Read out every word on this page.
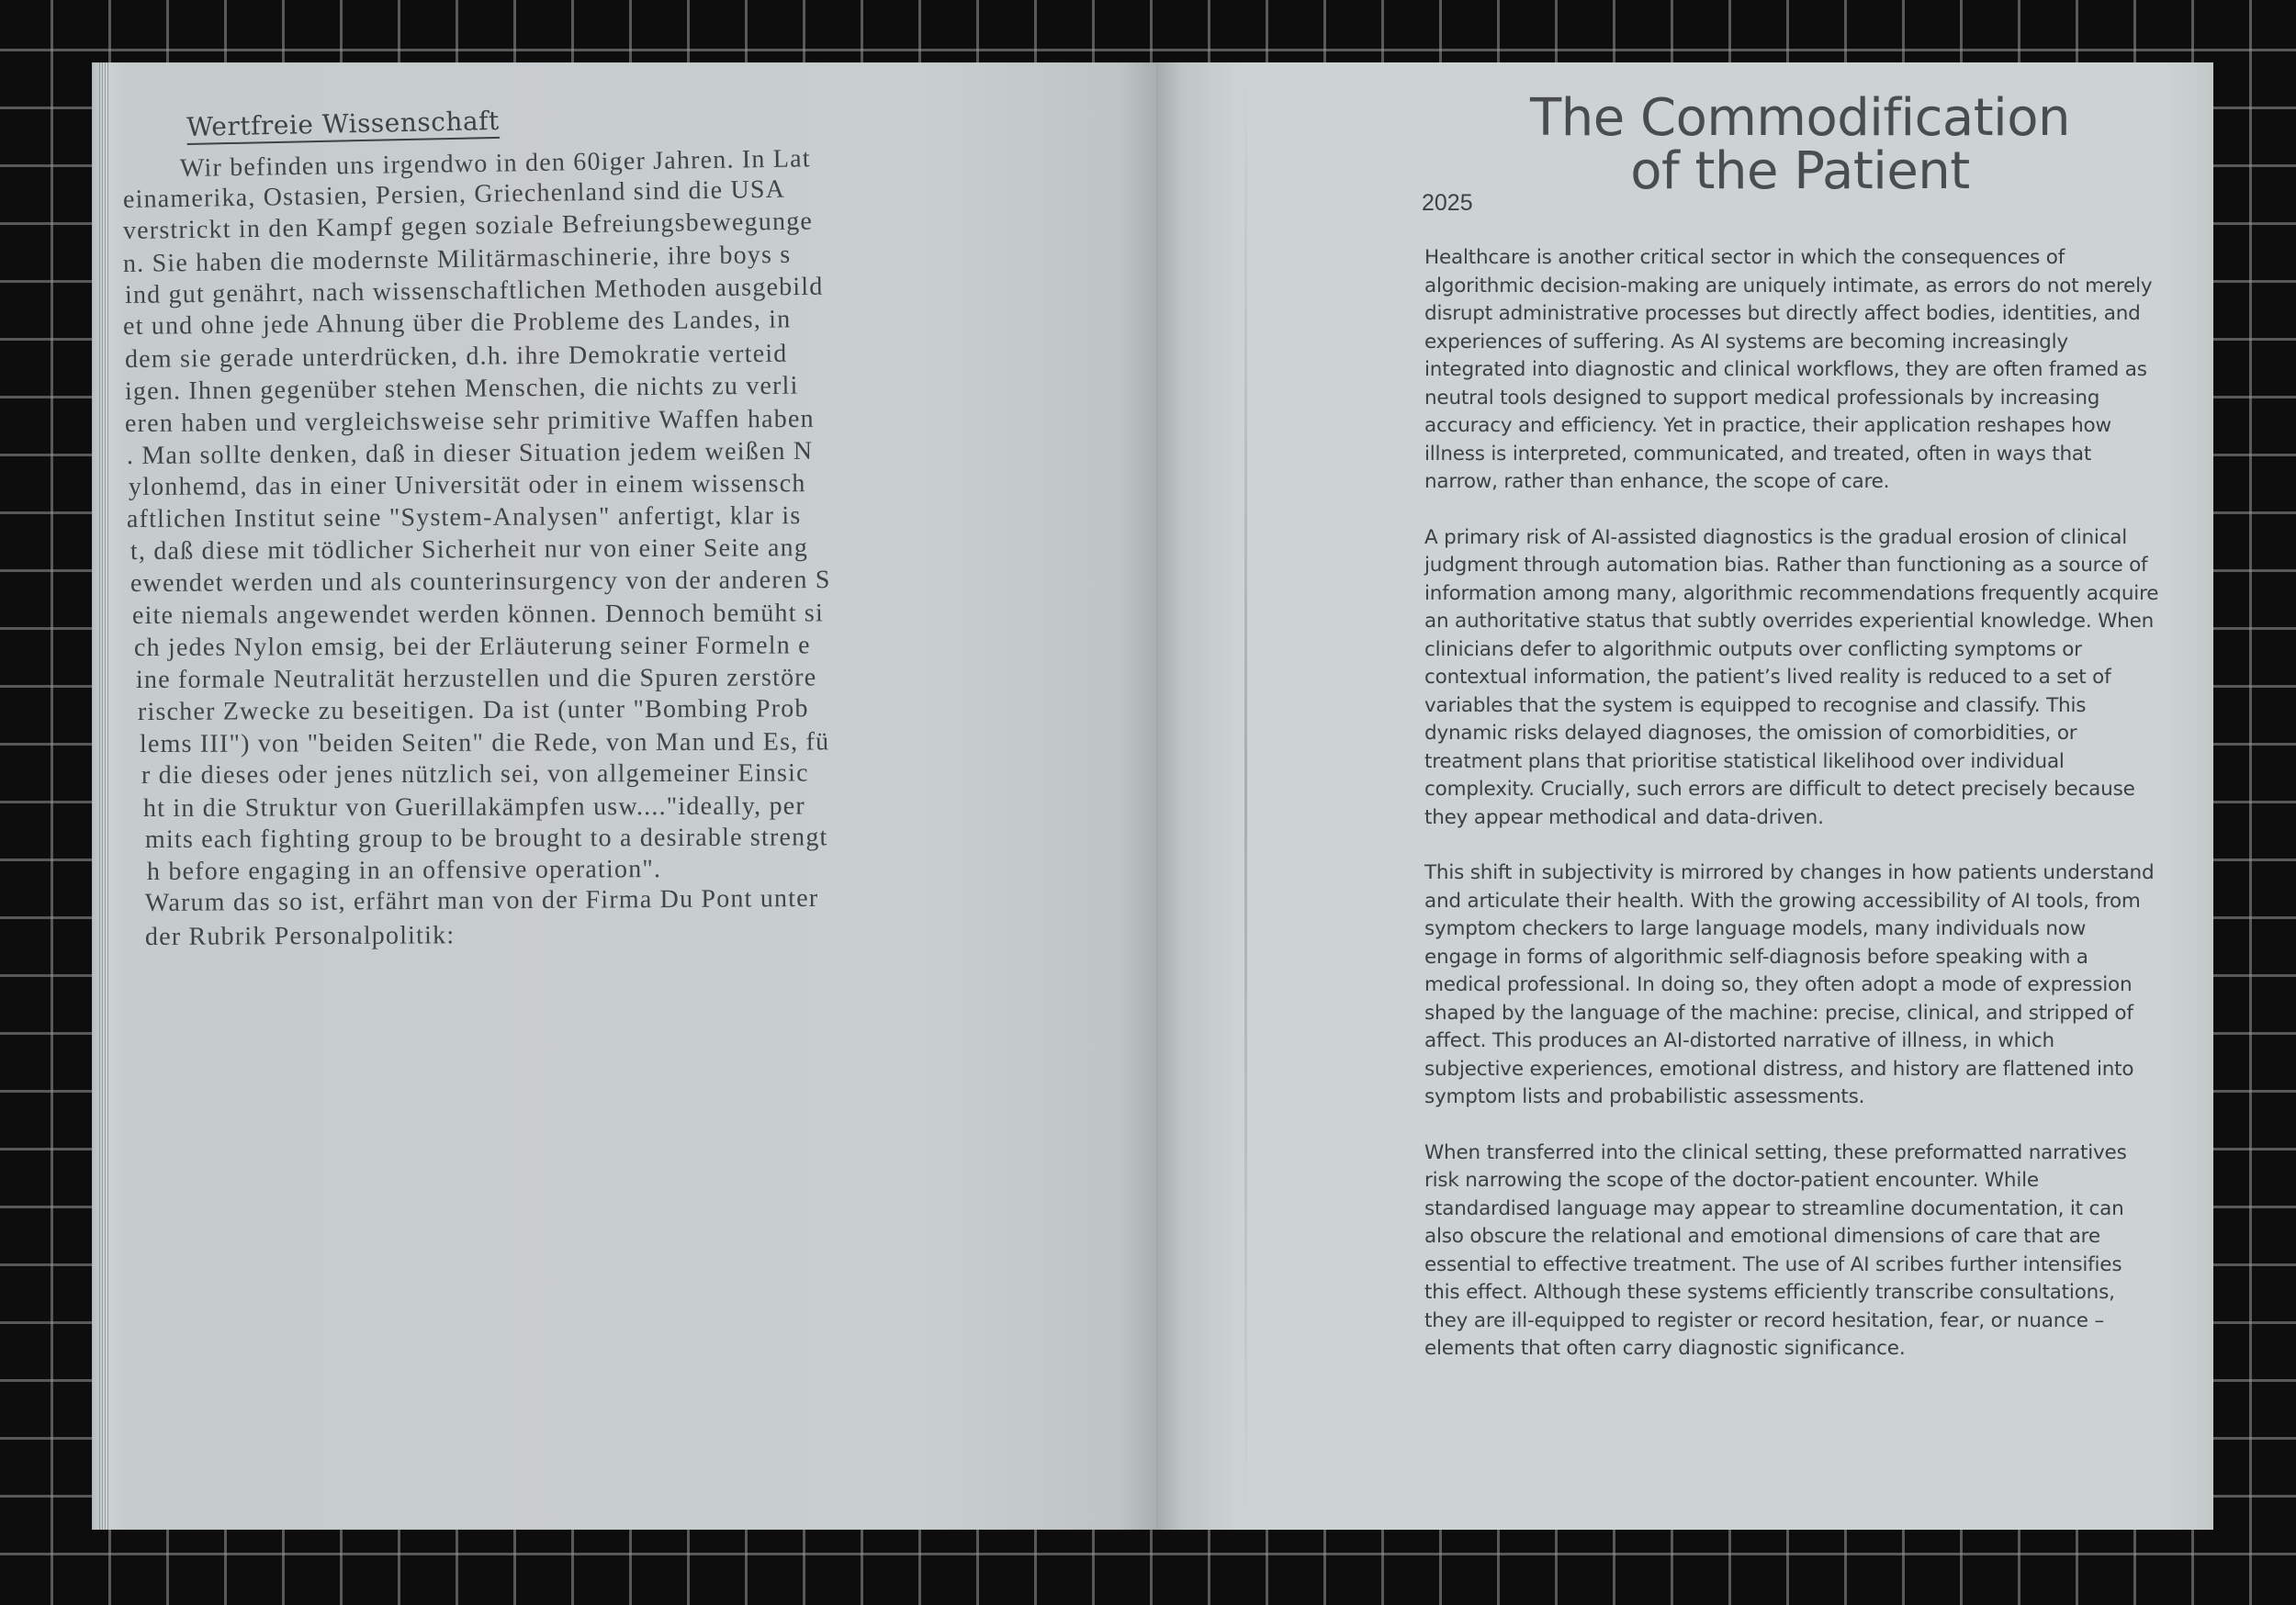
Wertfreie Wissenschaft
Wir befinden uns irgendwo in den 60iger Jahren. In Lat
einamerika, Ostasien, Persien, Griechenland sind die USA
verstrickt in den Kampf gegen soziale Befreiungsbewegunge
n. Sie haben die modernste Militärmaschinerie, ihre boys s
ind gut genährt, nach wissenschaftlichen Methoden ausgebild
et und ohne jede Ahnung über die Probleme des Landes, in
dem sie gerade unterdrücken, d.h. ihre Demokratie verteid
igen. Ihnen gegenüber stehen Menschen, die nichts zu verli
eren haben und vergleichsweise sehr primitive Waffen haben
. Man sollte denken, daß in dieser Situation jedem weißen N
ylonhemd, das in einer Universität oder in einem wissensch
aftlichen Institut seine "System-Analysen" anfertigt, klar is
t, daß diese mit tödlicher Sicherheit nur von einer Seite ang
ewendet werden und als counterinsurgency von der anderen S
eite niemals angewendet werden können. Dennoch bemüht si
ch jedes Nylon emsig, bei der Erläuterung seiner Formeln e
ine formale Neutralität herzustellen und die Spuren zerstöre
rischer Zwecke zu beseitigen. Da ist (unter "Bombing Prob
lems III") von "beiden Seiten" die Rede, von Man und Es, fü
r die dieses oder jenes nützlich sei, von allgemeiner Einsic
ht in die Struktur von Guerillakämpfen usw...."ideally, per
mits each fighting group to be brought to a desirable strengt
h before engaging in an offensive operation".
Warum das so ist, erfährt man von der Firma Du Pont unter
der Rubrik Personalpolitik:
The Commodification
of the Patient
2025

Healthcare is another critical sector in which the consequences of algorithmic decision-making are uniquely intimate, as errors do not merely disrupt administrative processes but directly affect bodies, identities, and experiences of suffering. As AI systems are becoming increasingly integrated into diagnostic and clinical workflows, they are often framed as neutral tools designed to support medical professionals by increasing accuracy and efficiency. Yet in practice, their application reshapes how illness is interpreted, communicated, and treated, often in ways that narrow, rather than enhance, the scope of care.

A primary risk of AI-assisted diagnostics is the gradual erosion of clinical judgment through automation bias. Rather than functioning as a source of information among many, algorithmic recommendations frequently acquire an authoritative status that subtly overrides experiential knowledge. When clinicians defer to algorithmic outputs over conflicting symptoms or contextual information, the patient’s lived reality is reduced to a set of variables that the system is equipped to recognise and classify. This dynamic risks delayed diagnoses, the omission of comorbidities, or treatment plans that prioritise statistical likelihood over individual complexity. Crucially, such errors are difficult to detect precisely because they appear methodical and data-driven.

This shift in subjectivity is mirrored by changes in how patients understand and articulate their health. With the growing accessibility of AI tools, from symptom checkers to large language models, many individuals now engage in forms of algorithmic self-diagnosis before speaking with a medical professional. In doing so, they often adopt a mode of expression shaped by the language of the machine: precise, clinical, and stripped of affect. This produces an AI-distorted narrative of illness, in which subjective experiences, emotional distress, and history are flattened into symptom lists and probabilistic assessments.

When transferred into the clinical setting, these preformatted narratives risk narrowing the scope of the doctor-patient encounter. While standardised language may appear to streamline documentation, it can also obscure the relational and emotional dimensions of care that are essential to effective treatment. The use of AI scribes further intensifies this effect. Although these systems efficiently transcribe consultations, they are ill-equipped to register or record hesitation, fear, or nuance – elements that often carry diagnostic significance.
